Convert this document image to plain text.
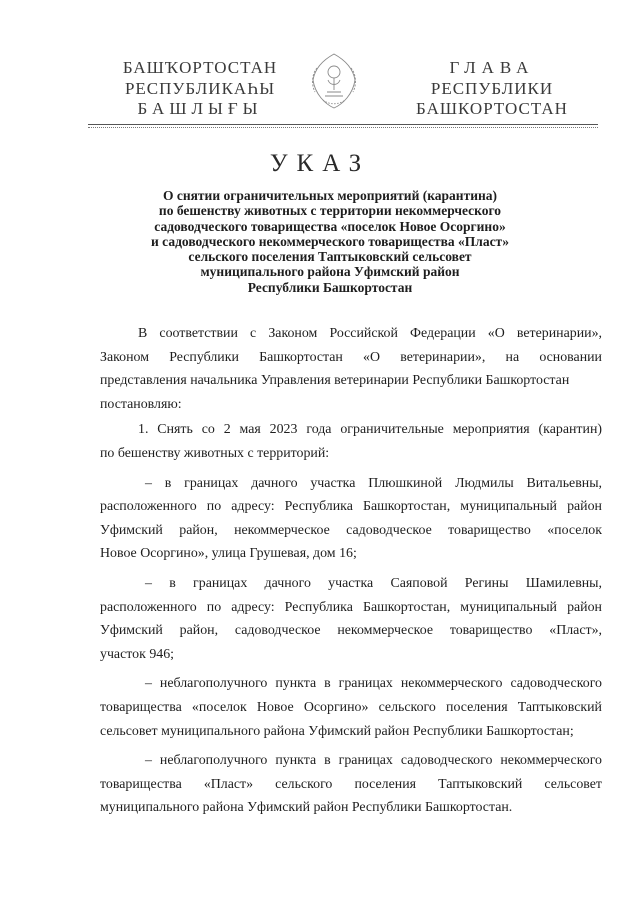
БАШҠОРТОСТАН
РЕСПУБЛИКАҺЫ
БАШЛЫҒЫ
ГЛАВА
РЕСПУБЛИКИ
БАШКОРТОСТАН
УКАЗ
О снятии ограничительных мероприятий (карантина)
по бешенству животных с территории некоммерческого
садоводческого товарищества «поселок Новое Осоргино»
и садоводческого некоммерческого товарищества «Пласт»
сельского поселения Таптыковский сельсовет
муниципального района Уфимский район
Республики Башкортостан
В соответствии с Законом Российской Федерации «О ветеринарии»,
Законом Республики Башкортостан «О ветеринарии», на основании
представления начальника Управления ветеринарии Республики Башкортостан
постановляю:
1. Снять со 2 мая 2023 года ограничительные мероприятия (карантин)
по бешенству животных с территорий:
– в границах дачного участка Плюшкиной Людмилы Витальевны,
расположенного по адресу: Республика Башкортостан, муниципальный район
Уфимский район, некоммерческое садоводческое товарищество «поселок
Новое Осоргино», улица Грушевая, дом 16;
– в границах дачного участка Саяповой Регины Шамилевны,
расположенного по адресу: Республика Башкортостан, муниципальный район
Уфимский район, садоводческое некоммерческое товарищество «Пласт»,
участок 946;
– неблагополучного пункта в границах некоммерческого садоводческого
товарищества «поселок Новое Осоргино» сельского поселения Таптыковский
сельсовет муниципального района Уфимский район Республики Башкортостан;
– неблагополучного пункта в границах садоводческого некоммерческого
товарищества «Пласт» сельского поселения Таптыковский сельсовет
муниципального района Уфимский район Республики Башкортостан.
